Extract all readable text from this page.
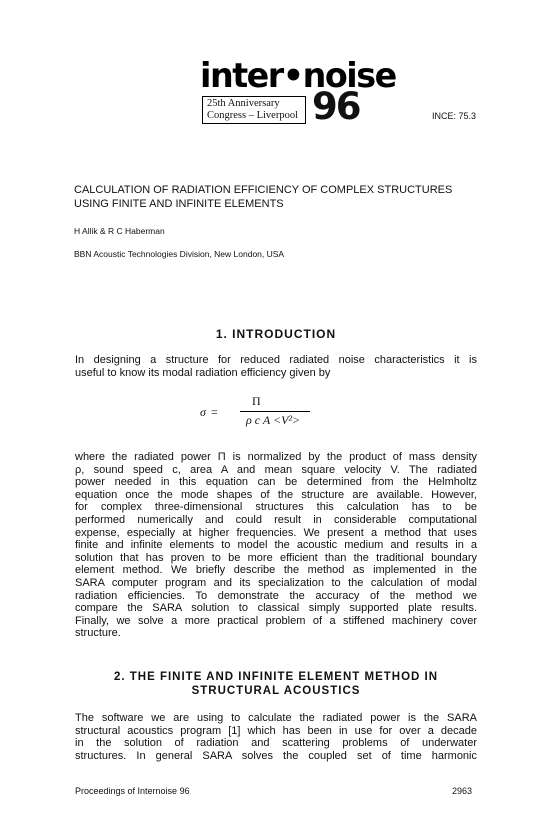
inter•noise
25th Anniversary
Congress – Liverpool 96	INCE: 75.3
CALCULATION OF RADIATION EFFICIENCY OF COMPLEX STRUCTURES
USING FINITE AND INFINITE ELEMENTS
H Allik & R C Haberman
BBN Acoustic Technologies Division, New London, USA
1. INTRODUCTION
In designing a structure for reduced radiated noise characteristics it is
useful to know its modal radiation efficiency given by
σ =
Π
ρ c A <V²>
where the radiated power Π is normalized by the product of mass density
ρ, sound speed c, area A and mean square velocity V. The radiated
power needed in this equation can be determined from the Helmholtz
equation once the mode shapes of the structure are available. However,
for complex three-dimensional structures this calculation has to be
performed numerically and could result in considerable computational
expense, especially at higher frequencies. We present a method that uses
finite and infinite elements to model the acoustic medium and results in a
solution that has proven to be more efficient than the traditional boundary
element method. We briefly describe the method as implemented in the
SARA computer program and its specialization to the calculation of modal
radiation efficiencies. To demonstrate the accuracy of the method we
compare the SARA solution to classical simply supported plate results.
Finally, we solve a more practical problem of a stiffened machinery cover
structure.
2. THE FINITE AND INFINITE ELEMENT METHOD IN
STRUCTURAL ACOUSTICS
The software we are using to calculate the radiated power is the SARA
structural acoustics program [1] which has been in use for over a decade
in the solution of radiation and scattering problems of underwater
structures. In general SARA solves the coupled set of time harmonic
Proceedings of Internoise 96	2963
